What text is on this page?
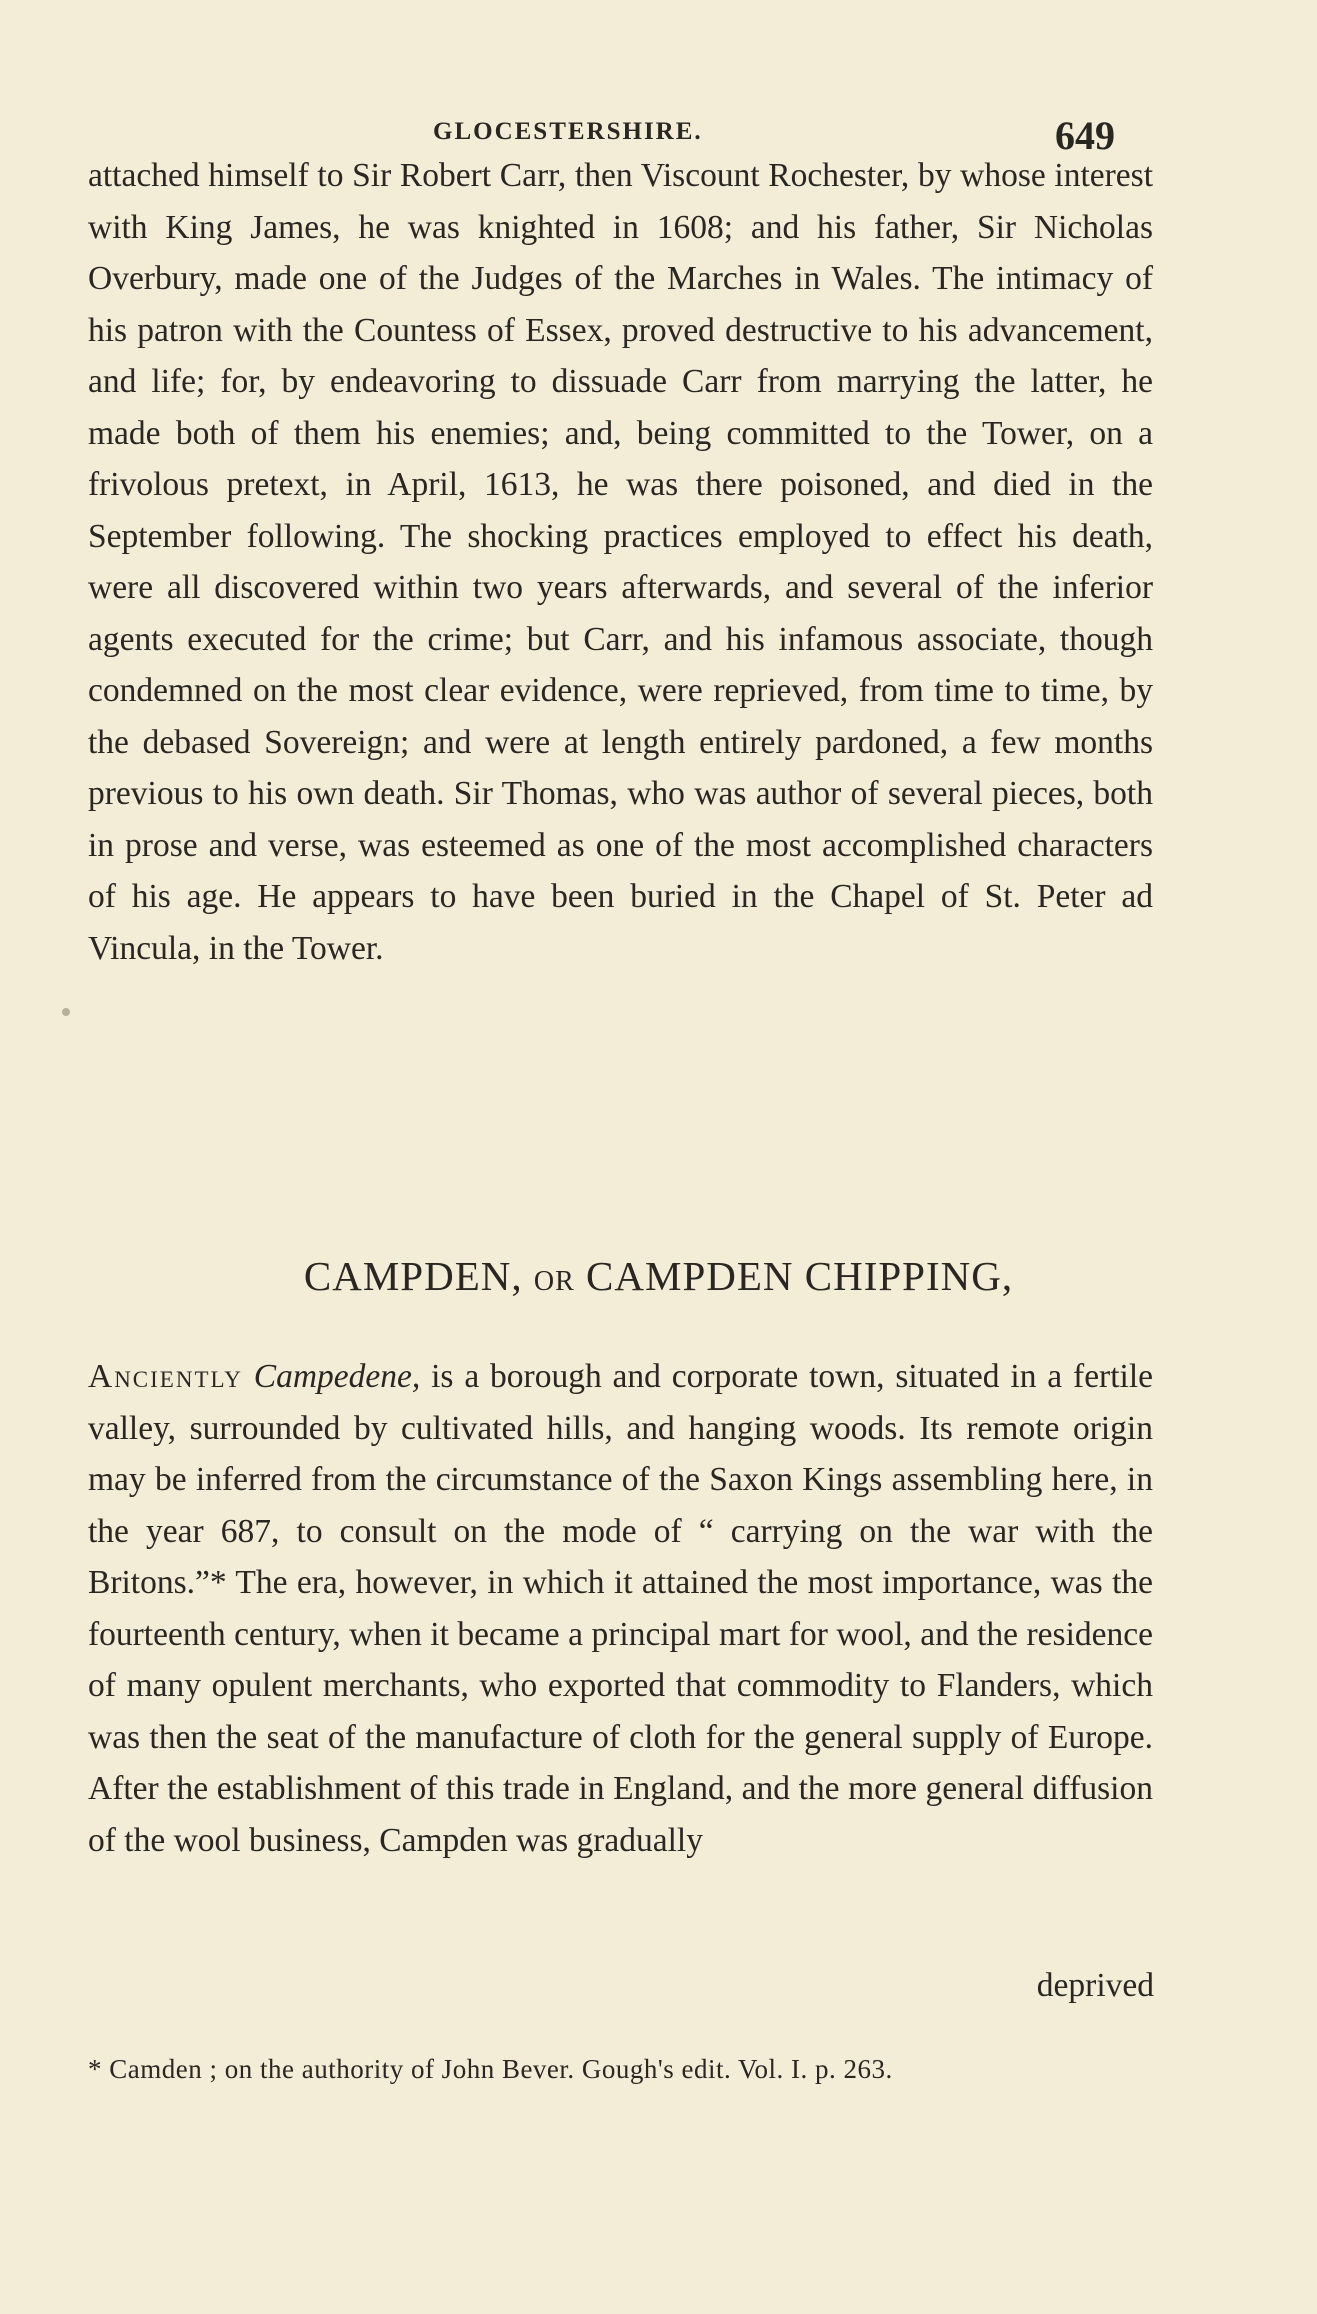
GLOCESTERSHIRE.	649

attached himself to Sir Robert Carr, then Viscount Rochester, by whose interest with King James, he was knighted in 1608; and his father, Sir Nicholas Overbury, made one of the Judges of the Marches in Wales. The intimacy of his patron with the Countess of Essex, proved destructive to his advancement, and life; for, by endeavoring to dissuade Carr from marrying the latter, he made both of them his enemies; and, being committed to the Tower, on a frivolous pretext, in April, 1613, he was there poisoned, and died in the September following. The shocking practices employed to effect his death, were all discovered within two years afterwards, and several of the inferior agents executed for the crime; but Carr, and his infamous associate, though condemned on the most clear evidence, were reprieved, from time to time, by the debased Sovereign; and were at length entirely pardoned, a few months previous to his own death. Sir Thomas, who was author of several pieces, both in prose and verse, was esteemed as one of the most accomplished characters of his age. He appears to have been buried in the Chapel of St. Peter ad Vincula, in the Tower.

CAMPDEN, OR CAMPDEN CHIPPING,

Anciently Campedene, is a borough and corporate town, situated in a fertile valley, surrounded by cultivated hills, and hanging woods. Its remote origin may be inferred from the circumstance of the Saxon Kings assembling here, in the year 687, to consult on the mode of “ carrying on the war with the Britons.”* The era, however, in which it attained the most importance, was the fourteenth century, when it became a principal mart for wool, and the residence of many opulent merchants, who exported that commodity to Flanders, which was then the seat of the manufacture of cloth for the general supply of Europe. After the establishment of this trade in England, and the more general diffusion of the wool business, Campden was gradually

deprived
* Camden ; on the authority of John Bever. Gough's edit. Vol. I. p. 263.
